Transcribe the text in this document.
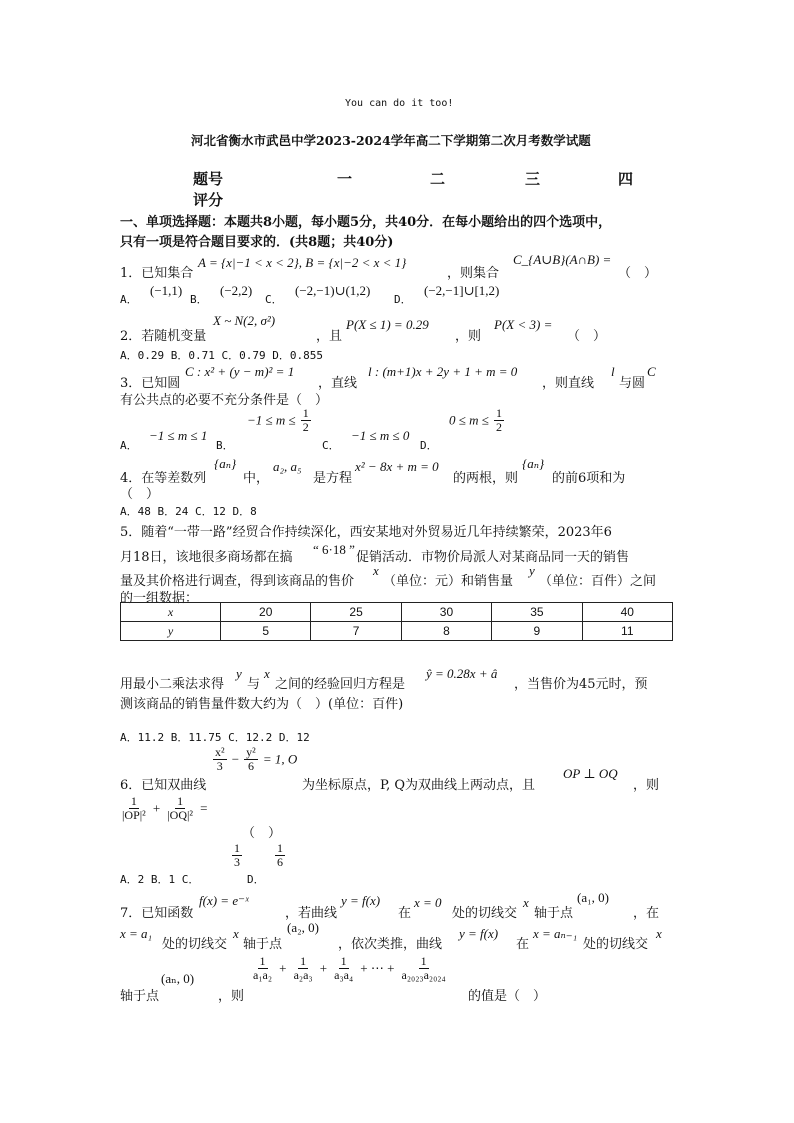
You can do it too!
河北省衡水市武邑中学2023-2024学年高二下学期第二次月考数学试题
题号	一	二	三	四
评分
一、单项选择题：本题共8小题，每小题5分，共40分．在每小题给出的四个选项中，
只有一项是符合题目要求的．(共8题；共40分)
1．已知集合
A = {x|−1 < x < 2}, B = {x|−2 < x < 1}
，则集合
C_{A∪B}(A∩B) =
（　）
A．
(−1,1)
B．
(−2,2)
C．
(−2,−1)∪(1,2)
D．
(−2,−1]∪[1,2)
2．若随机变量
X ~ N(2, σ²)
，且
P(X ≤ 1) = 0.29
，则
P(X < 3) =
（　）
A．0.29 B．0.71 C．0.79 D．0.855
3．已知圆
C : x² + (y − m)² = 1
，直线
l : (m+1)x + 2y + 1 + m = 0
，则直线
l
与圆
C
有公共点的必要不充分条件是（　）
A．
−1 ≤ m ≤ 1
B．
$-1 \le m \le \frac{1}{2}$
C．
−1 ≤ m ≤ 0
D．
$0 \le m \le \frac{1}{2}$
4．在等差数列
{aₙ}
中，
a₂, a₅
是方程
x² − 8x + m = 0
的两根，则
{aₙ}
的前6项和为
（　）
A．48 B．24 C．12 D．8
5．随着“一带一路”经贸合作持续深化，西安某地对外贸易近几年持续繁荣，2023年6
月18日，该地很多商场都在搞
“ 6·18 ”
促销活动．市物价局派人对某商品同一天的销售
量及其价格进行调查，得到该商品的售价
x
（单位：元）和销售量
y
（单位：百件）之间
的一组数据：
x	20	25	30	35	40
y	5	7	8	9	11
用最小二乘法求得
y
与
x
之间的经验回归方程是
ŷ = 0.28x + â
，当售价为45元时，预
测该商品的销售量件数大约为（　）(单位：百件)
A．11.2 B．11.75 C．12.2 D．12
6．已知双曲线
$\frac{\text{x²}}{3} - \frac{\text{y²}}{6} = 1$, O
为坐标原点，P, Q为双曲线上两动点，且
OP ⊥ OQ
，则
$\frac{1}{\text{|OP|²}} + \frac{1}{\text{|OQ|²}}$ =
（　）
A．2 B．1 C．
$\frac{1}{3}$
D．
$\frac{1}{6}$
7．已知函数
f(x) = e⁻ˣ
，若曲线
y = f(x)
在
x = 0
处的切线交
x
轴于点
(a₁, 0)
，在
x = a₁
处的切线交
x
轴于点
(a₂, 0)
，依次类推，曲线
y = f(x)
在
x = aₙ₋₁
处的切线交
x
轴于点
(aₙ, 0)
，则
$\frac{1}{\text{a₁a₂}} + \frac{1}{\text{a₂a₃}} + \frac{1}{\text{a₃a₄}}$ + ⋯ + $\frac{1}{\text{a₂₀₂₃a₂₀₂₄}}$
的值是（　）
